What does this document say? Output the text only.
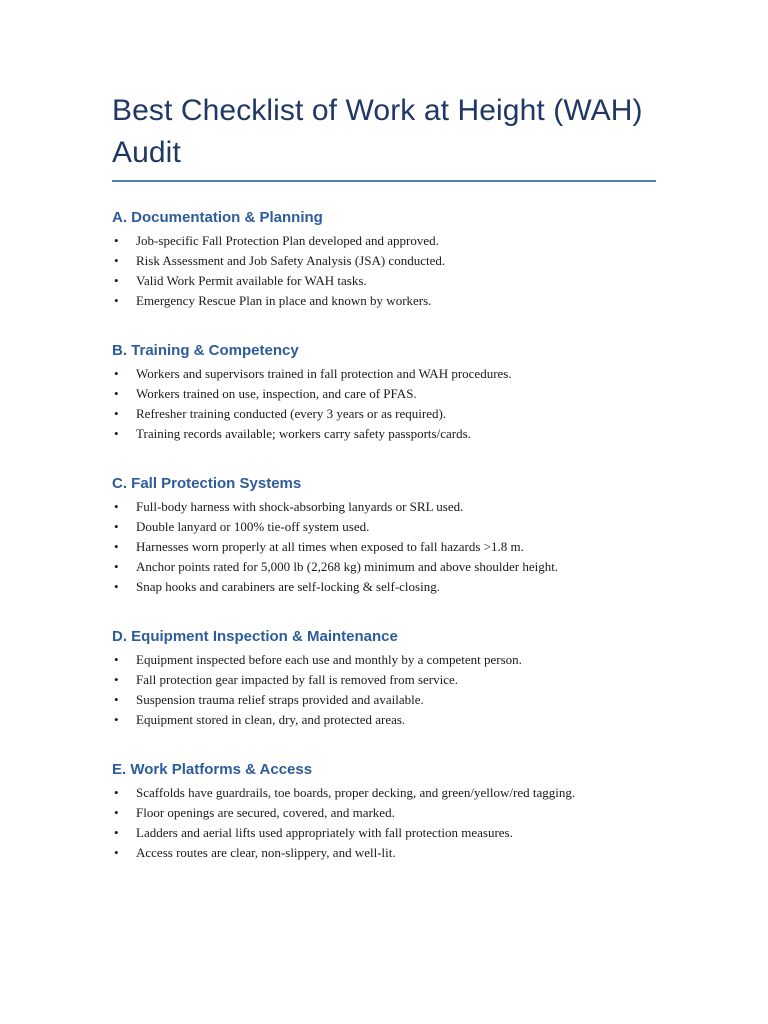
Best Checklist of Work at Height (WAH) Audit
A. Documentation & Planning
• Job-specific Fall Protection Plan developed and approved.
• Risk Assessment and Job Safety Analysis (JSA) conducted.
• Valid Work Permit available for WAH tasks.
• Emergency Rescue Plan in place and known by workers.
B. Training & Competency
• Workers and supervisors trained in fall protection and WAH procedures.
• Workers trained on use, inspection, and care of PFAS.
• Refresher training conducted (every 3 years or as required).
• Training records available; workers carry safety passports/cards.
C. Fall Protection Systems
• Full-body harness with shock-absorbing lanyards or SRL used.
• Double lanyard or 100% tie-off system used.
• Harnesses worn properly at all times when exposed to fall hazards >1.8 m.
• Anchor points rated for 5,000 lb (2,268 kg) minimum and above shoulder height.
• Snap hooks and carabiners are self-locking & self-closing.
D. Equipment Inspection & Maintenance
• Equipment inspected before each use and monthly by a competent person.
• Fall protection gear impacted by fall is removed from service.
• Suspension trauma relief straps provided and available.
• Equipment stored in clean, dry, and protected areas.
E. Work Platforms & Access
• Scaffolds have guardrails, toe boards, proper decking, and green/yellow/red tagging.
• Floor openings are secured, covered, and marked.
• Ladders and aerial lifts used appropriately with fall protection measures.
• Access routes are clear, non-slippery, and well-lit.
